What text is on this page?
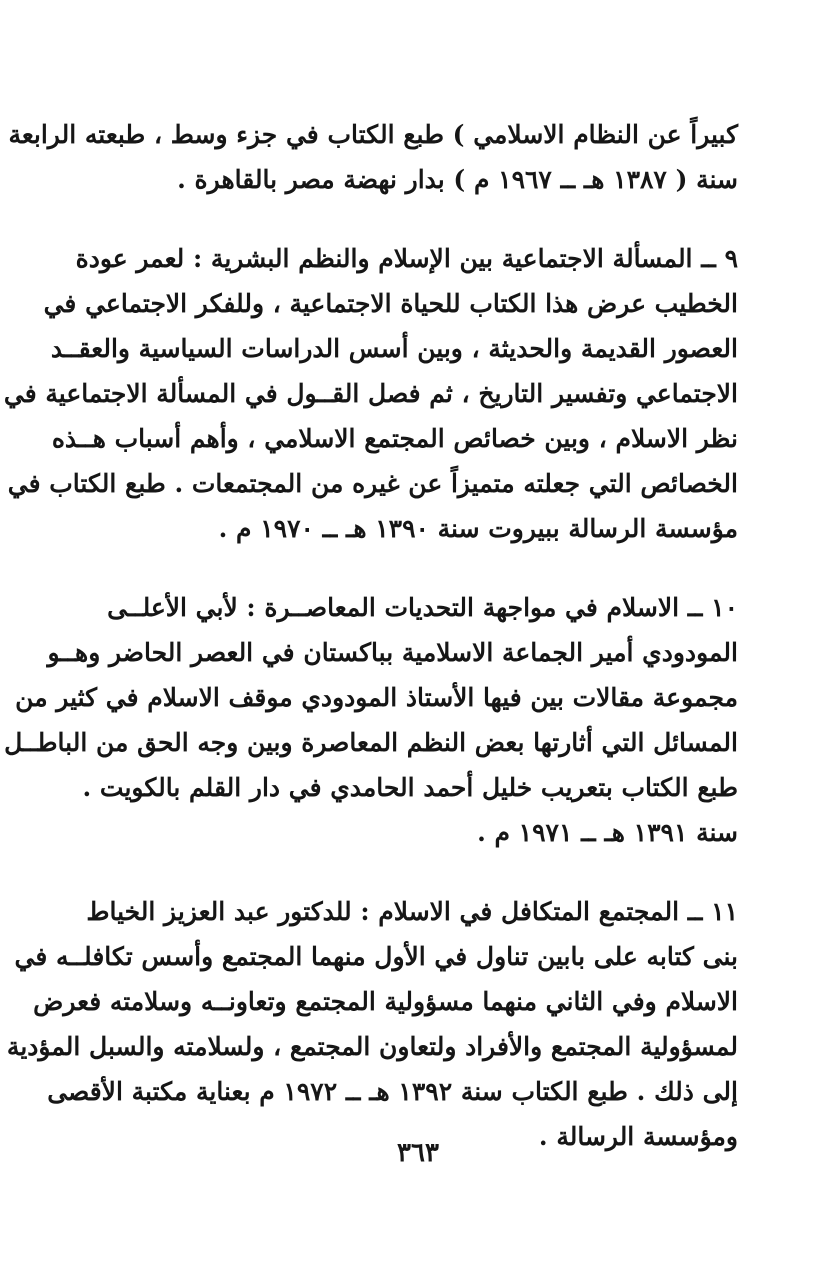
كبيراً عن النظام الاسلامي ) طبع الكتاب في جزء وسط ، طبعته الرابعة
سنة ( ١٣٨٧ هـ ــ ١٩٦٧ م ) بدار نهضة مصر بالقاهرة .

٩ ــ المسألة الاجتماعية بين الإسلام والنظم البشرية : لعمر عودة
الخطيب عرض هذا الكتاب للحياة الاجتماعية ، وللفكر الاجتماعي في
العصور القديمة والحديثة ، وبين أسس الدراسات السياسية والعقــد
الاجتماعي وتفسير التاريخ ، ثم فصل القــول في المسألة الاجتماعية في
نظر الاسلام ، وبين خصائص المجتمع الاسلامي ، وأهم أسباب هــذه
الخصائص التي جعلته متميزاً عن غيره من المجتمعات . طبع الكتاب في
مؤسسة الرسالة ببيروت سنة ١٣٩٠ هـ ــ ١٩٧٠ م .

١٠ ــ الاسلام في مواجهة التحديات المعاصــرة : لأبي الأعلــى
المودودي أمير الجماعة الاسلامية بباكستان في العصر الحاضر وهــو
مجموعة مقالات بين فيها الأستاذ المودودي موقف الاسلام في كثير من
المسائل التي أثارتها بعض النظم المعاصرة وبين وجه الحق من الباطــل
طبع الكتاب بتعريب خليل أحمد الحامدي في دار القلم بالكويت .
سنة ١٣٩١ هـ ــ ١٩٧١ م .

١١ ــ المجتمع المتكافل في الاسلام : للدكتور عبد العزيز الخياط
بنى كتابه على بابين تناول في الأول منهما المجتمع وأسس تكافلــه في
الاسلام وفي الثاني منهما مسؤولية المجتمع وتعاونــه وسلامته فعرض
لمسؤولية المجتمع والأفراد ولتعاون المجتمع ، ولسلامته والسبل المؤدية
إلى ذلك . طبع الكتاب سنة ١٣٩٢ هـ ــ ١٩٧٢ م بعناية مكتبة الأقصى
ومؤسسة الرسالة .

٣٦٣
